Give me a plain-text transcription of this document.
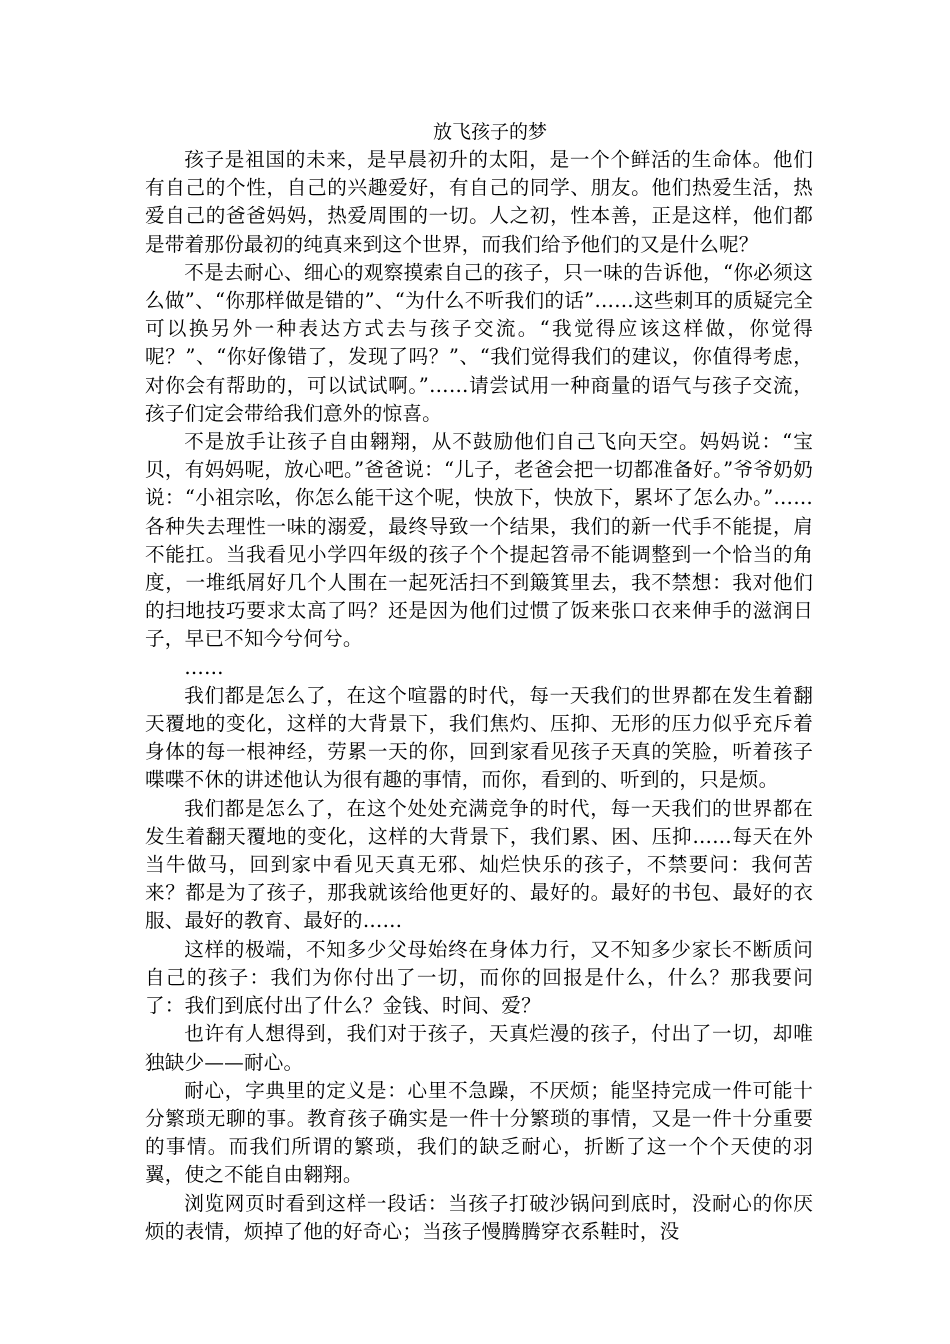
放飞孩子的梦

孩子是祖国的未来，是早晨初升的太阳，是一个个鲜活的生命体。他们有自己的个性，自己的兴趣爱好，有自己的同学、朋友。他们热爱生活，热爱自己的爸爸妈妈，热爱周围的一切。人之初，性本善，正是这样，他们都是带着那份最初的纯真来到这个世界，而我们给予他们的又是什么呢？

不是去耐心、细心的观察摸索自己的孩子，只一味的告诉他，“你必须这么做”、“你那样做是错的”、“为什么不听我们的话”……这些刺耳的质疑完全可以换另外一种表达方式去与孩子交流。“我觉得应该这样做，你觉得呢？”、“你好像错了，发现了吗？”、“我们觉得我们的建议，你值得考虑，对你会有帮助的，可以试试啊。”……请尝试用一种商量的语气与孩子交流，孩子们定会带给我们意外的惊喜。

不是放手让孩子自由翱翔，从不鼓励他们自己飞向天空。妈妈说：“宝贝，有妈妈呢，放心吧。”爸爸说：“儿子，老爸会把一切都准备好。”爷爷奶奶说：“小祖宗吆，你怎么能干这个呢，快放下，快放下，累坏了怎么办。”……各种失去理性一味的溺爱，最终导致一个结果，我们的新一代手不能提，肩不能扛。当我看见小学四年级的孩子个个提起笤帚不能调整到一个恰当的角度，一堆纸屑好几个人围在一起死活扫不到簸箕里去，我不禁想：我对他们的扫地技巧要求太高了吗？还是因为他们过惯了饭来张口衣来伸手的滋润日子，早已不知今兮何兮。

……

我们都是怎么了，在这个喧嚣的时代，每一天我们的世界都在发生着翻天覆地的变化，这样的大背景下，我们焦灼、压抑、无形的压力似乎充斥着身体的每一根神经，劳累一天的你，回到家看见孩子天真的笑脸，听着孩子喋喋不休的讲述他认为很有趣的事情，而你，看到的、听到的，只是烦。

我们都是怎么了，在这个处处充满竞争的时代，每一天我们的世界都在发生着翻天覆地的变化，这样的大背景下，我们累、困、压抑……每天在外当牛做马，回到家中看见天真无邪、灿烂快乐的孩子，不禁要问：我何苦来？都是为了孩子，那我就该给他更好的、最好的。最好的书包、最好的衣服、最好的教育、最好的……

这样的极端，不知多少父母始终在身体力行，又不知多少家长不断质问自己的孩子：我们为你付出了一切，而你的回报是什么，什么？那我要问了：我们到底付出了什么？金钱、时间、爱？

也许有人想得到，我们对于孩子，天真烂漫的孩子，付出了一切，却唯独缺少——耐心。

耐心，字典里的定义是：心里不急躁，不厌烦；能坚持完成一件可能十分繁琐无聊的事。教育孩子确实是一件十分繁琐的事情，又是一件十分重要的事情。而我们所谓的繁琐，我们的缺乏耐心，折断了这一个个天使的羽翼，使之不能自由翱翔。

浏览网页时看到这样一段话：当孩子打破沙锅问到底时，没耐心的你厌烦的表情，烦掉了他的好奇心；当孩子慢腾腾穿衣系鞋时，没
